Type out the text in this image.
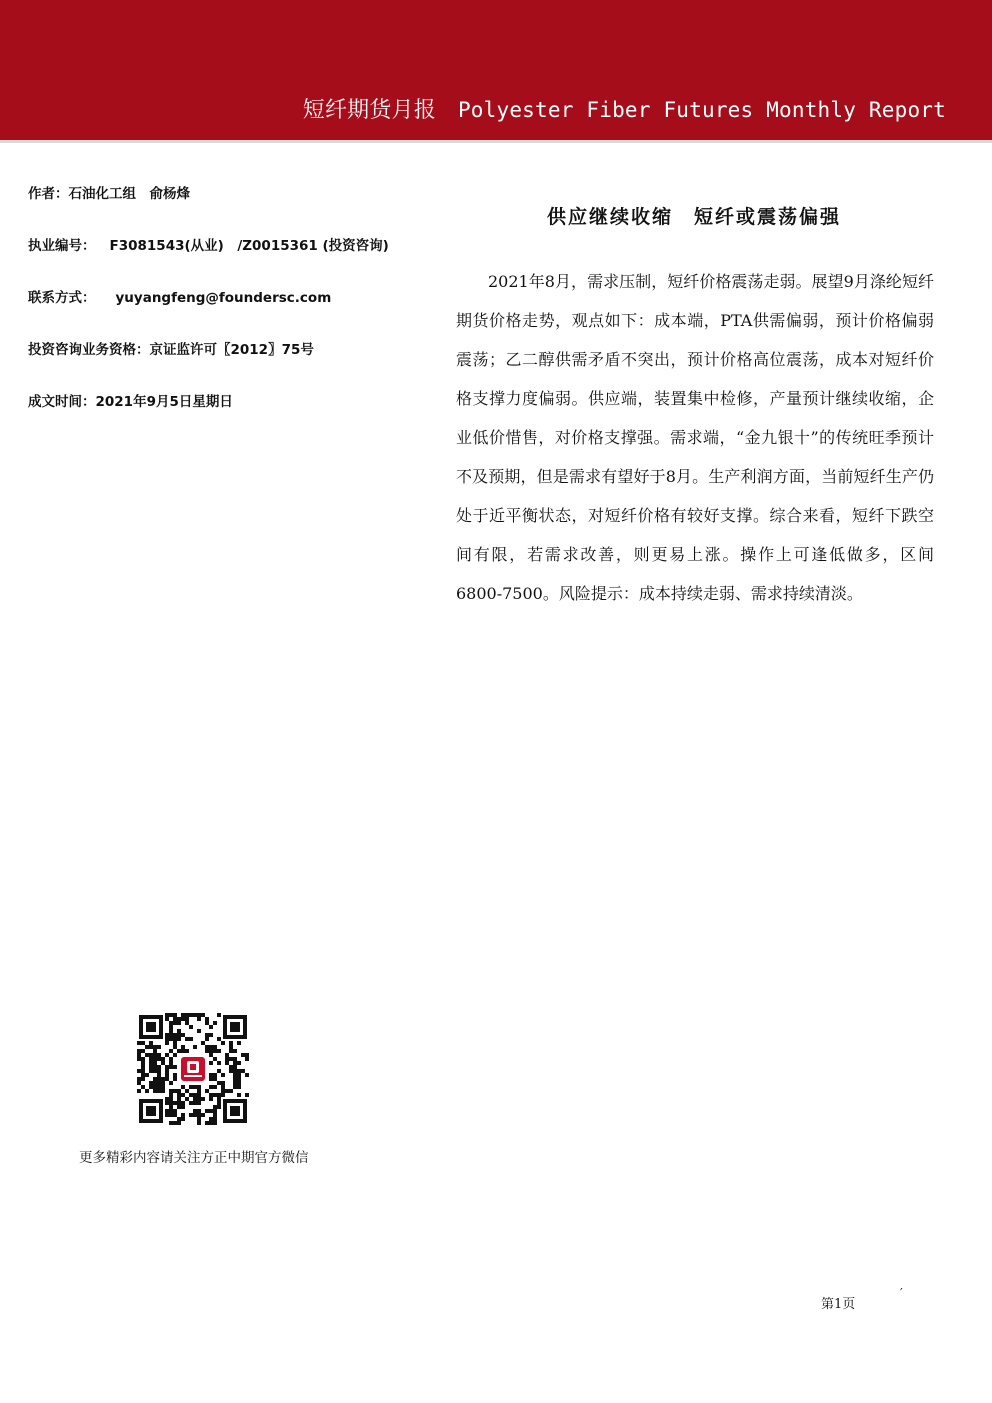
短纤期货月报 Polyester Fiber Futures Monthly Report
作者：石油化工组　俞杨烽
执业编号： F3081543(从业)　/Z0015361 (投资咨询)
联系方式： yuyangfeng@foundersc.com
投资咨询业务资格：京证监许可〖2012〗75号
成文时间：2021年9月5日星期日
供应继续收缩　短纤或震荡偏强
2021年8月，需求压制，短纤价格震荡走弱。展望9月涤纶短纤期货价格走势，观点如下：成本端，PTA供需偏弱，预计价格偏弱震荡；乙二醇供需矛盾不突出，预计价格高位震荡，成本对短纤价格支撑力度偏弱。供应端，装置集中检修，产量预计继续收缩，企业低价惜售，对价格支撑强。需求端，“金九银十”的传统旺季预计不及预期，但是需求有望好于8月。生产利润方面，当前短纤生产仍处于近平衡状态，对短纤价格有较好支撑。综合来看，短纤下跌空间有限，若需求改善，则更易上涨。操作上可逢低做多，区间6800-7500。风险提示：成本持续走弱、需求持续清淡。
更多精彩内容请关注方正中期官方微信
第1页
′
